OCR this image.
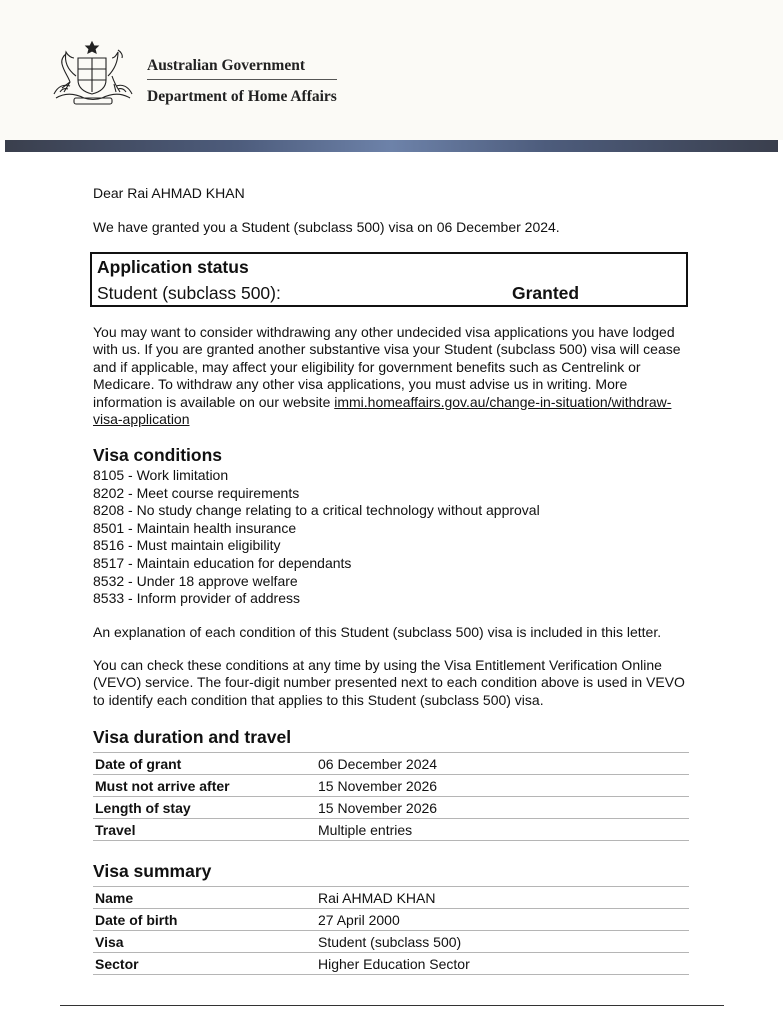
Australian Government
Department of Home Affairs
Dear Rai AHMAD KHAN
We have granted you a Student (subclass 500) visa on 06 December 2024.
Application status
Student (subclass 500):	Granted
You may want to consider withdrawing any other undecided visa applications you have lodged with us. If you are granted another substantive visa your Student (subclass 500) visa will cease and if applicable, may affect your eligibility for government benefits such as Centrelink or Medicare. To withdraw any other visa applications, you must advise us in writing. More information is available on our website immi.homeaffairs.gov.au/change-in-situation/withdraw-visa-application
Visa conditions
8105 - Work limitation
8202 - Meet course requirements
8208 - No study change relating to a critical technology without approval
8501 - Maintain health insurance
8516 - Must maintain eligibility
8517 - Maintain education for dependants
8532 - Under 18 approve welfare
8533 - Inform provider of address
An explanation of each condition of this Student (subclass 500) visa is included in this letter.
You can check these conditions at any time by using the Visa Entitlement Verification Online (VEVO) service. The four-digit number presented next to each condition above is used in VEVO to identify each condition that applies to this Student (subclass 500) visa.
Visa duration and travel
Date of grant	06 December 2024
Must not arrive after	15 November 2026
Length of stay	15 November 2026
Travel	Multiple entries
Visa summary
Name	Rai AHMAD KHAN
Date of birth	27 April 2000
Visa	Student (subclass 500)
Sector	Higher Education Sector
